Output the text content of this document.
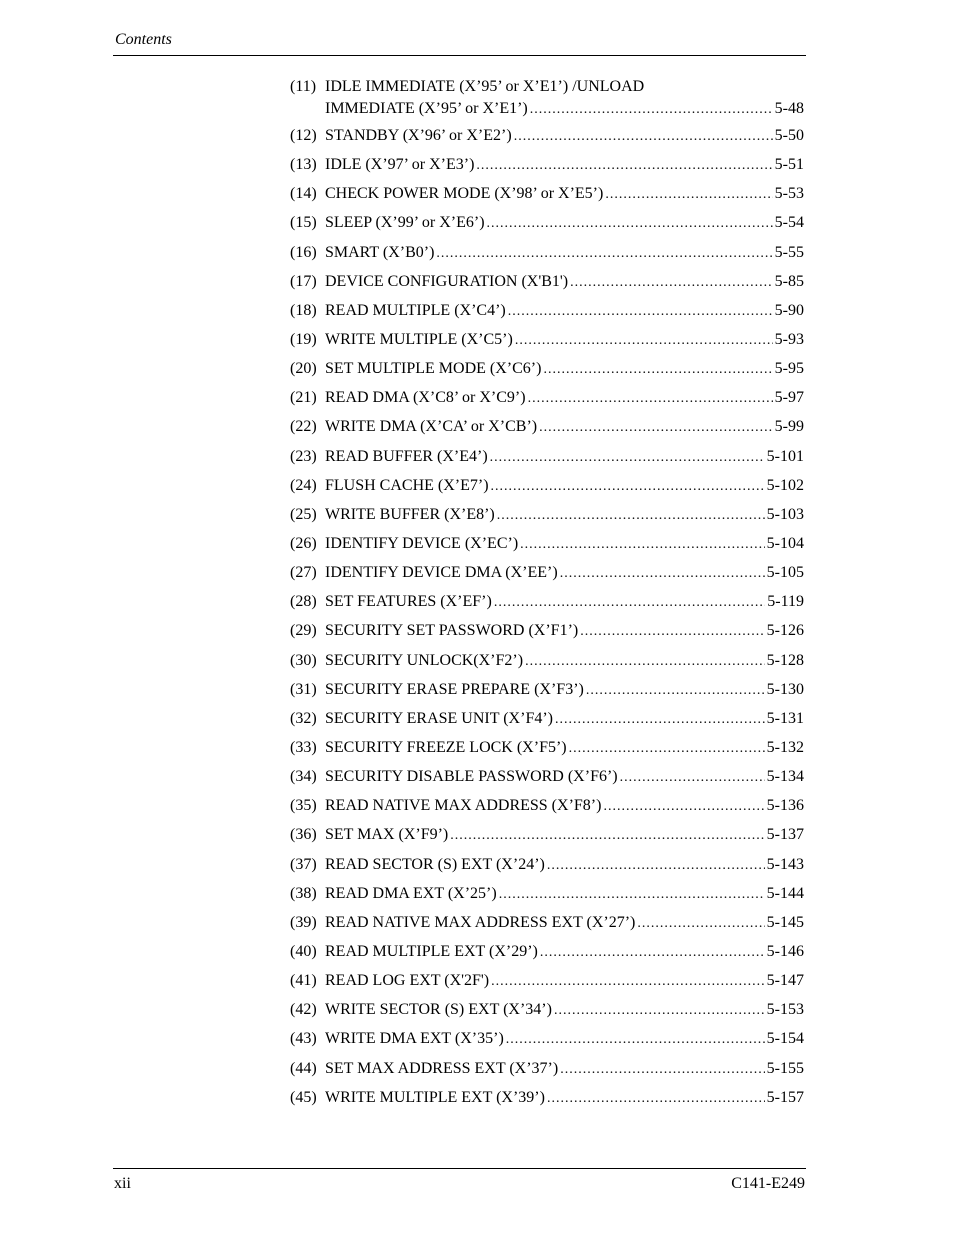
Contents
(11) IDLE IMMEDIATE (X’95’ or X’E1’) /UNLOAD
IMMEDIATE (X’95’ or X’E1’) .....	5-48
(12) STANDBY (X’96’ or X’E2’) .....	5-50
(13) IDLE (X’97’ or X’E3’) .....	5-51
(14) CHECK POWER MODE (X’98’ or X’E5’) .....	5-53
(15) SLEEP (X’99’ or X’E6’) .....	5-54
(16) SMART (X’B0’) .....	5-55
(17) DEVICE CONFIGURATION (X'B1') .....	5-85
(18) READ MULTIPLE (X’C4’) .....	5-90
(19) WRITE MULTIPLE (X’C5’) .....	5-93
(20) SET MULTIPLE MODE (X’C6’) .....	5-95
(21) READ DMA (X’C8’ or X’C9’) .....	5-97
(22) WRITE DMA (X’CA’ or X’CB’) .....	5-99
(23) READ BUFFER (X’E4’) .....	5-101
(24) FLUSH CACHE (X’E7’) .....	5-102
(25) WRITE BUFFER (X’E8’) .....	5-103
(26) IDENTIFY DEVICE (X’EC’) .....	5-104
(27) IDENTIFY DEVICE DMA (X’EE’) .....	5-105
(28) SET FEATURES (X’EF’) .....	5-119
(29) SECURITY SET PASSWORD (X’F1’) .....	5-126
(30) SECURITY UNLOCK(X’F2’) .....	5-128
(31) SECURITY ERASE PREPARE (X’F3’) .....	5-130
(32) SECURITY ERASE UNIT (X’F4’) .....	5-131
(33) SECURITY FREEZE LOCK (X’F5’) .....	5-132
(34) SECURITY DISABLE PASSWORD (X’F6’) .....	5-134
(35) READ NATIVE MAX ADDRESS (X’F8’) .....	5-136
(36) SET MAX (X’F9’) .....	5-137
(37) READ SECTOR (S) EXT (X’24’) .....	5-143
(38) READ DMA EXT (X’25’) .....	5-144
(39) READ NATIVE MAX ADDRESS EXT (X’27’) .....	5-145
(40) READ MULTIPLE EXT (X’29’) .....	5-146
(41) READ LOG EXT (X'2F') .....	5-147
(42) WRITE SECTOR (S) EXT (X’34’) .....	5-153
(43) WRITE DMA EXT (X’35’) .....	5-154
(44) SET MAX ADDRESS EXT (X’37’) .....	5-155
(45) WRITE MULTIPLE EXT (X’39’) .....	5-157
xii	C141-E249
